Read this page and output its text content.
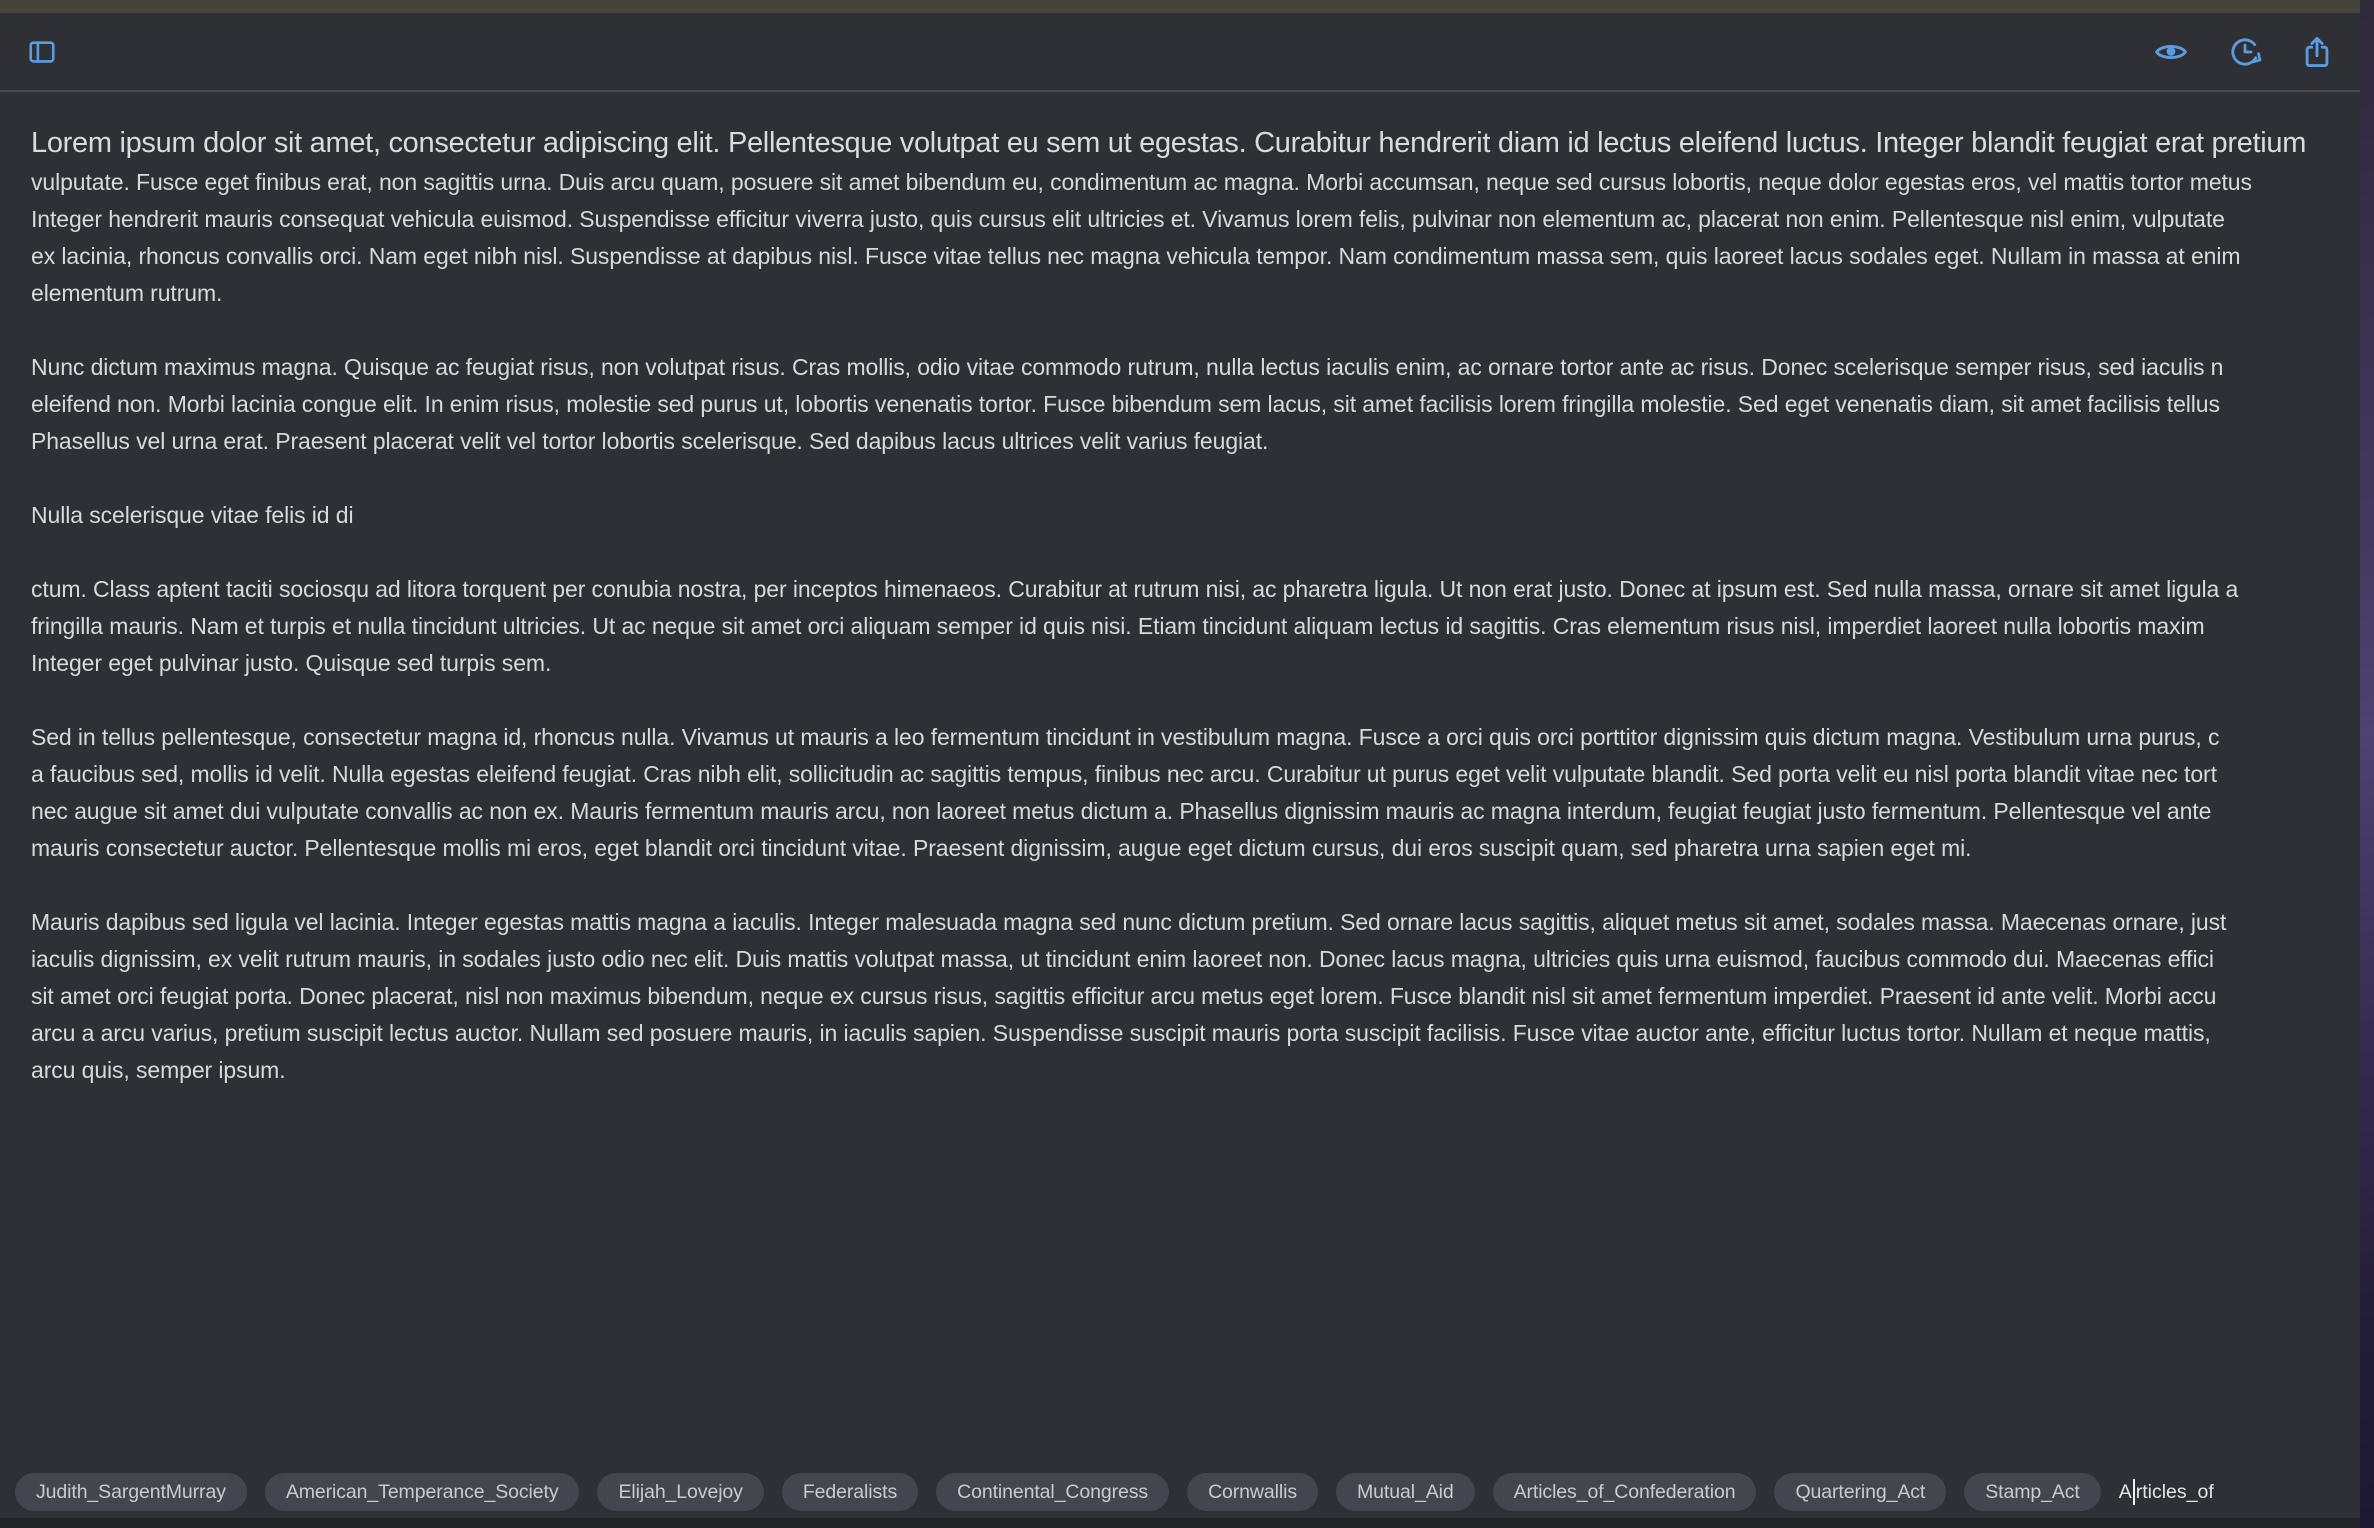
Lorem ipsum dolor sit amet, consectetur adipiscing elit. Pellentesque volutpat eu sem ut egestas. Curabitur hendrerit diam id lectus eleifend luctus. Integer blandit feugiat erat pretium
vulputate. Fusce eget finibus erat, non sagittis urna. Duis arcu quam, posuere sit amet bibendum eu, condimentum ac magna. Morbi accumsan, neque sed cursus lobortis, neque dolor egestas eros, vel mattis tortor metus
Integer hendrerit mauris consequat vehicula euismod. Suspendisse efficitur viverra justo, quis cursus elit ultricies et. Vivamus lorem felis, pulvinar non elementum ac, placerat non enim. Pellentesque nisl enim, vulputate
ex lacinia, rhoncus convallis orci. Nam eget nibh nisl. Suspendisse at dapibus nisl. Fusce vitae tellus nec magna vehicula tempor. Nam condimentum massa sem, quis laoreet lacus sodales eget. Nullam in massa at enim
elementum rutrum.
Nunc dictum maximus magna. Quisque ac feugiat risus, non volutpat risus. Cras mollis, odio vitae commodo rutrum, nulla lectus iaculis enim, ac ornare tortor ante ac risus. Donec scelerisque semper risus, sed iaculis n
eleifend non. Morbi lacinia congue elit. In enim risus, molestie sed purus ut, lobortis venenatis tortor. Fusce bibendum sem lacus, sit amet facilisis lorem fringilla molestie. Sed eget venenatis diam, sit amet facilisis tellus
Phasellus vel urna erat. Praesent placerat velit vel tortor lobortis scelerisque. Sed dapibus lacus ultrices velit varius feugiat.
Nulla scelerisque vitae felis id di
ctum. Class aptent taciti sociosqu ad litora torquent per conubia nostra, per inceptos himenaeos. Curabitur at rutrum nisi, ac pharetra ligula. Ut non erat justo. Donec at ipsum est. Sed nulla massa, ornare sit amet ligula a
fringilla mauris. Nam et turpis et nulla tincidunt ultricies. Ut ac neque sit amet orci aliquam semper id quis nisi. Etiam tincidunt aliquam lectus id sagittis. Cras elementum risus nisl, imperdiet laoreet nulla lobortis maxim
Integer eget pulvinar justo. Quisque sed turpis sem.
Sed in tellus pellentesque, consectetur magna id, rhoncus nulla. Vivamus ut mauris a leo fermentum tincidunt in vestibulum magna. Fusce a orci quis orci porttitor dignissim quis dictum magna. Vestibulum urna purus, c
a faucibus sed, mollis id velit. Nulla egestas eleifend feugiat. Cras nibh elit, sollicitudin ac sagittis tempus, finibus nec arcu. Curabitur ut purus eget velit vulputate blandit. Sed porta velit eu nisl porta blandit vitae nec tort
nec augue sit amet dui vulputate convallis ac non ex. Mauris fermentum mauris arcu, non laoreet metus dictum a. Phasellus dignissim mauris ac magna interdum, feugiat feugiat justo fermentum. Pellentesque vel ante
mauris consectetur auctor. Pellentesque mollis mi eros, eget blandit orci tincidunt vitae. Praesent dignissim, augue eget dictum cursus, dui eros suscipit quam, sed pharetra urna sapien eget mi.
Mauris dapibus sed ligula vel lacinia. Integer egestas mattis magna a iaculis. Integer malesuada magna sed nunc dictum pretium. Sed ornare lacus sagittis, aliquet metus sit amet, sodales massa. Maecenas ornare, just
iaculis dignissim, ex velit rutrum mauris, in sodales justo odio nec elit. Duis mattis volutpat massa, ut tincidunt enim laoreet non. Donec lacus magna, ultricies quis urna euismod, faucibus commodo dui. Maecenas effici
sit amet orci feugiat porta. Donec placerat, nisl non maximus bibendum, neque ex cursus risus, sagittis efficitur arcu metus eget lorem. Fusce blandit nisl sit amet fermentum imperdiet. Praesent id ante velit. Morbi accu
arcu a arcu varius, pretium suscipit lectus auctor. Nullam sed posuere mauris, in iaculis sapien. Suspendisse suscipit mauris porta suscipit facilisis. Fusce vitae auctor ante, efficitur luctus tortor. Nullam et neque mattis,
arcu quis, semper ipsum.
Judith_SargentMurray	American_Temperance_Society	Elijah_Lovejoy	Federalists	Continental_Congress	Cornwallis	Mutual_Aid	Articles_of_Confederation	Quartering_Act	Stamp_Act	A rticles_of
